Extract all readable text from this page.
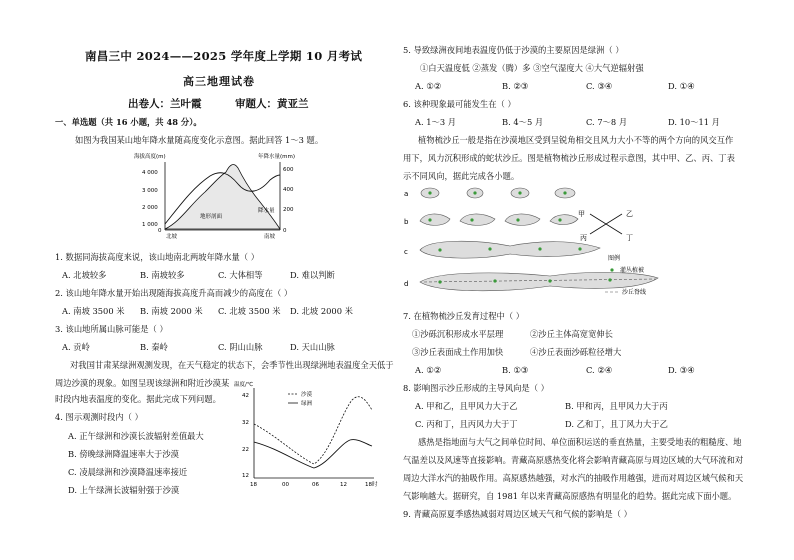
南昌三中 2024——2025 学年度上学期 10 月考试
高三地理试卷
出卷人：兰叶霞	审题人：黄亚兰
一、单选题（共 16 小题，共 48 分）。
如图为我国某山地年降水量随高度变化示意图。据此回答 1～3 题。
海拔高度(m)	年降水量(mm)
4 000
3 000
2 000
1 000
0
600
400
200
0
北坡	南坡
地形剖面
降水量
1. 数据同海拔高度来说，该山地南北两坡年降水量（ ）
A. 北坡较多	B. 南坡较多	C. 大体相等	D. 难以判断
2. 该山地年降水量开始出现随海拔高度升高而减少的高度在（ ）
A. 南坡 3500 米 B. 南坡 2000 米 C. 北坡 3500 米 D. 北坡 2000 米
3. 该山地所属山脉可能是（ ）
A. 贡岭	B. 秦岭	C. 阴山山脉	D. 天山山脉
对我国甘肃某绿洲观测发现，在天气稳定的状态下，会季节性出现绿洲地表温度全天低于
周边沙漠的现象。如图呈现该绿洲和附近沙漠某
时段内地表温度的变化。据此完成下列问题。
温度/℃
42
32
22
12
18	00	06	12	18时
沙漠
绿洲
4. 图示观测时段内（ ）
A. 正午绿洲和沙漠长波辐射差值最大
B. 傍晚绿洲降温速率大于沙漠
C. 凌晨绿洲和沙漠降温速率接近
D. 上午绿洲长波辐射强于沙漠
5. 导致绿洲夜间地表温度仍低于沙漠的主要原因是绿洲（ ）
①白天温度低 ②蒸发（腾）多 ③空气湿度大 ④大气逆辐射强
A. ①②	B. ②③	C. ③④	D. ①④
6. 该种现象最可能发生在（ ）
A. 1～3 月	B. 4～5 月	C. 7～8 月	D. 10～11 月
植物梳沙丘一般是指在沙漠地区受到呈锐角相交且风力大小不等的两个方向的风交互作
用下，风力沉积形成的蛇状沙丘。图是植物梳沙丘形成过程示意图，其中甲、乙、丙、丁表
示不同风向，据此完成各小题。
a
b
c
d
甲	乙
丙	丁
图例
灌丛植被
沙丘脊线
7. 在植物梳沙丘发育过程中（ ）
①沙砾沉积形成水平层理	②沙丘主体高宽宽伸长
③沙丘表面成土作用加快	④沙丘表面沙砾粒径增大
A. ①②	B. ①③	C. ②④	D. ③④
8. 影响图示沙丘形成的主导风向是（ ）
A. 甲和乙，且甲风力大于乙	B. 甲和丙，且甲风力大于丙
C. 丙和丁，且丙风力大于丁	D. 乙和丁，且丁风力大于乙
感热是指地面与大气之间单位时间、单位面积运送的垂直热量，主要受地表的粗糙度、地
气温差以及风速等直接影响。青藏高原感热变化将会影响青藏高原与周边区域的大气环流和对
周边大洋水汽的抽吸作用。高原感热越强，对水汽的抽吸作用越强，进而对周边区域气候和天
气影响越大。据研究，自 1981 年以来青藏高原感热有明显化的趋势。据此完成下面小题。
9. 青藏高原夏季感热减弱对周边区域天气和气候的影响是（ ）
